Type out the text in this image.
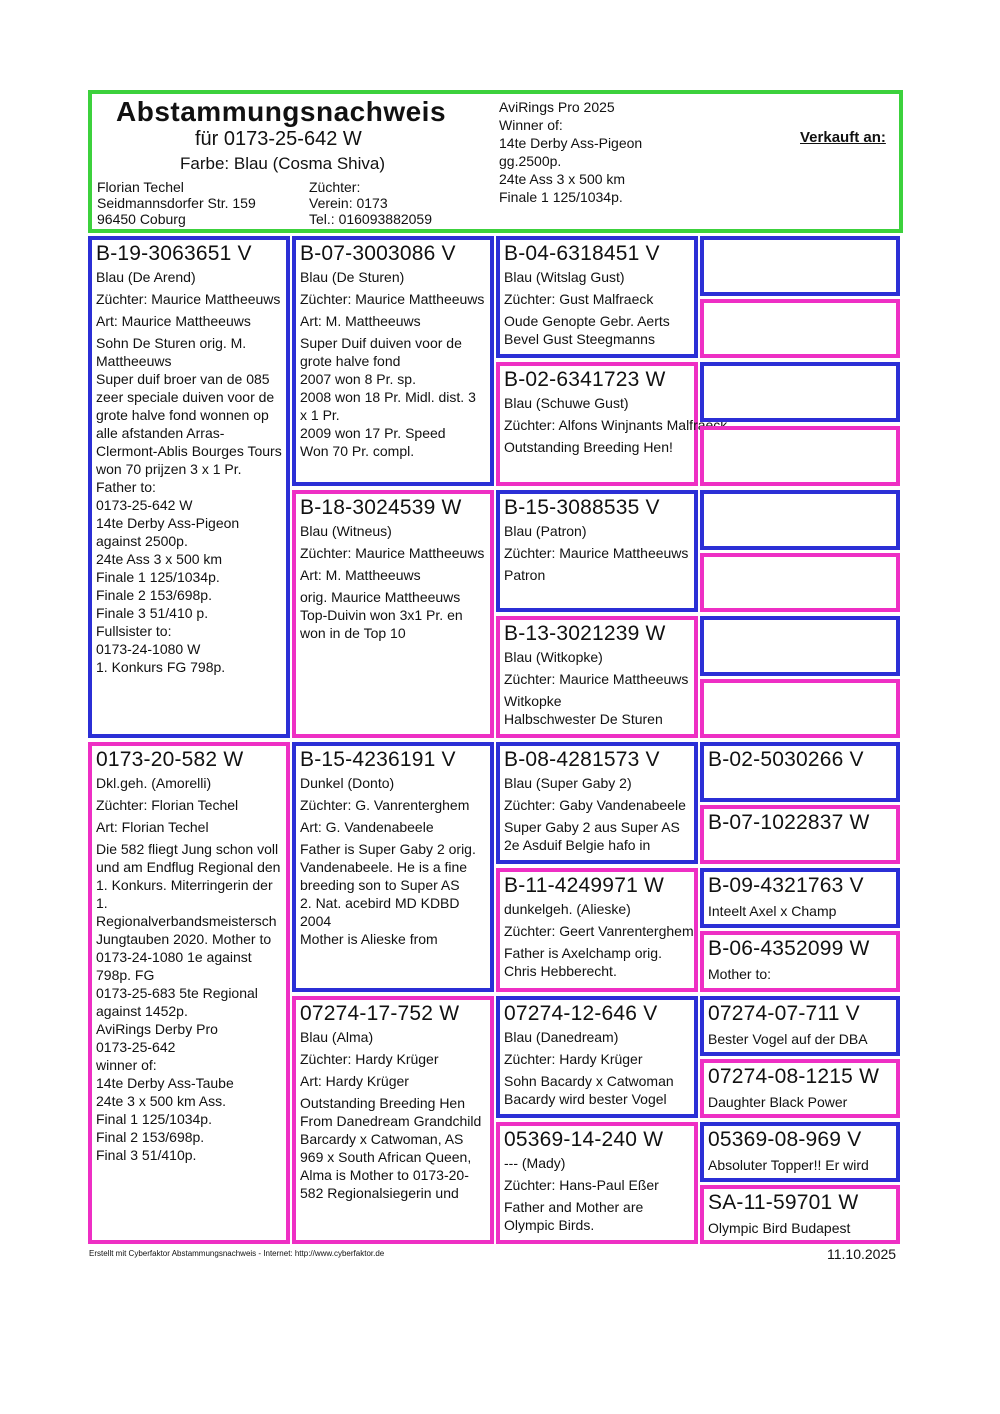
Abstammungsnachweis
für 0173-25-642 W
Farbe: Blau (Cosma Shiva)
Florian Techel
Seidmannsdorfer Str. 159
96450 Coburg
Züchter:
Verein: 0173
Tel.: 016093882059
AviRings Pro 2025
Winner of:
14te Derby Ass-Pigeon
gg.2500p.
24te Ass 3 x 500 km
Finale 1 125/1034p.
Verkauft an:
B-19-3063651 V
Blau (De Arend)
Züchter: Maurice Mattheeuws
Art: Maurice Mattheeuws
Sohn De Sturen orig. M. Mattheeuws
Super duif broer van de 085 zeer speciale duiven voor de grote halve fond wonnen op alle afstanden Arras-Clermont-Ablis Bourges Tours won 70 prijzen 3 x 1 Pr.
Father to:
0173-25-642 W
14te Derby Ass-Pigeon against 2500p.
24te Ass 3 x 500 km
Finale 1 125/1034p.
Finale 2 153/698p.
Finale 3 51/410 p.
Fullsister to:
0173-24-1080 W
1. Konkurs FG 798p.
0173-20-582 W
Dkl.geh. (Amorelli)
Züchter: Florian Techel
Art: Florian Techel
Die 582 fliegt Jung schon voll und am Endflug Regional den 1. Konkurs. Miterringerin der 1. Regionalverbandsmeistersch Jungtauben 2020. Mother to 0173-24-1080 1e against 798p. FG
0173-25-683 5te Regional against 1452p.
AviRings Derby Pro
0173-25-642
winner of:
14te Derby Ass-Taube
24te 3 x 500 km Ass.
Final 1 125/1034p.
Final 2 153/698p.
Final 3 51/410p.
B-07-3003086 V
Blau (De Sturen)
Züchter: Maurice Mattheeuws
Art: M. Mattheeuws
Super Duif duiven voor de grote halve fond
2007 won 8 Pr. sp.
2008 won 18 Pr. Midl. dist. 3 x 1 Pr.
2009 won 17 Pr. Speed
Won 70 Pr. compl.
B-18-3024539 W
Blau (Witneus)
Züchter: Maurice Mattheeuws
Art: M. Mattheeuws
orig. Maurice Mattheeuws
Top-Duivin won 3x1 Pr. en won in de Top 10
B-15-4236191 V
Dunkel (Donto)
Züchter: G. Vanrenterghem
Art: G. Vandenabeele
Father is Super Gaby 2 orig. Vandenabeele. He is a fine breeding son to Super AS
2. Nat. acebird MD KDBD 2004
Mother is Alieske from
07274-17-752 W
Blau (Alma)
Züchter: Hardy Krüger
Art: Hardy Krüger
Outstanding Breeding Hen From Danedream Grandchild Barcardy x Catwoman, AS 969 x South African Queen,
Alma is Mother to 0173-20-582 Regionalsiegerin und
B-04-6318451 V
Blau (Witslag Gust)
Züchter: Gust Malfraeck
Oude Genopte Gebr. Aerts
Bevel Gust Steegmanns
B-02-6341723 W
Blau (Schuwe Gust)
Züchter: Alfons Winjnants Malfraeck
Outstanding Breeding Hen!
B-15-3088535 V
Blau (Patron)
Züchter: Maurice Mattheeuws
Patron
B-13-3021239 W
Blau (Witkopke)
Züchter: Maurice Mattheeuws
Witkopke
Halbschwester De Sturen
B-08-4281573 V
Blau (Super Gaby 2)
Züchter: Gaby Vandenabeele
Super Gaby 2 aus Super AS
2e Asduif Belgie hafo in
B-11-4249971 W
dunkelgeh. (Alieske)
Züchter: Geert Vanrenterghem
Father is Axelchamp orig.
Chris Hebberecht.
07274-12-646 V
Blau (Danedream)
Züchter: Hardy Krüger
Sohn Bacardy x Catwoman
Bacardy wird bester Vogel
05369-14-240 W
--- (Mady)
Züchter: Hans-Paul Eßer
Father and Mother are
Olympic Birds.
B-02-5030266 V
B-07-1022837 W
B-09-4321763 V
Inteelt Axel x Champ
B-06-4352099 W
Mother to:
07274-07-711 V
Bester Vogel auf der DBA
07274-08-1215 W
Daughter Black Power
05369-08-969 V
Absoluter Topper!! Er wird
SA-11-59701 W
Olympic Bird Budapest
Erstellt mit Cyberfaktor Abstammungsnachweis - Internet: http://www.cyberfaktor.de	11.10.2025
